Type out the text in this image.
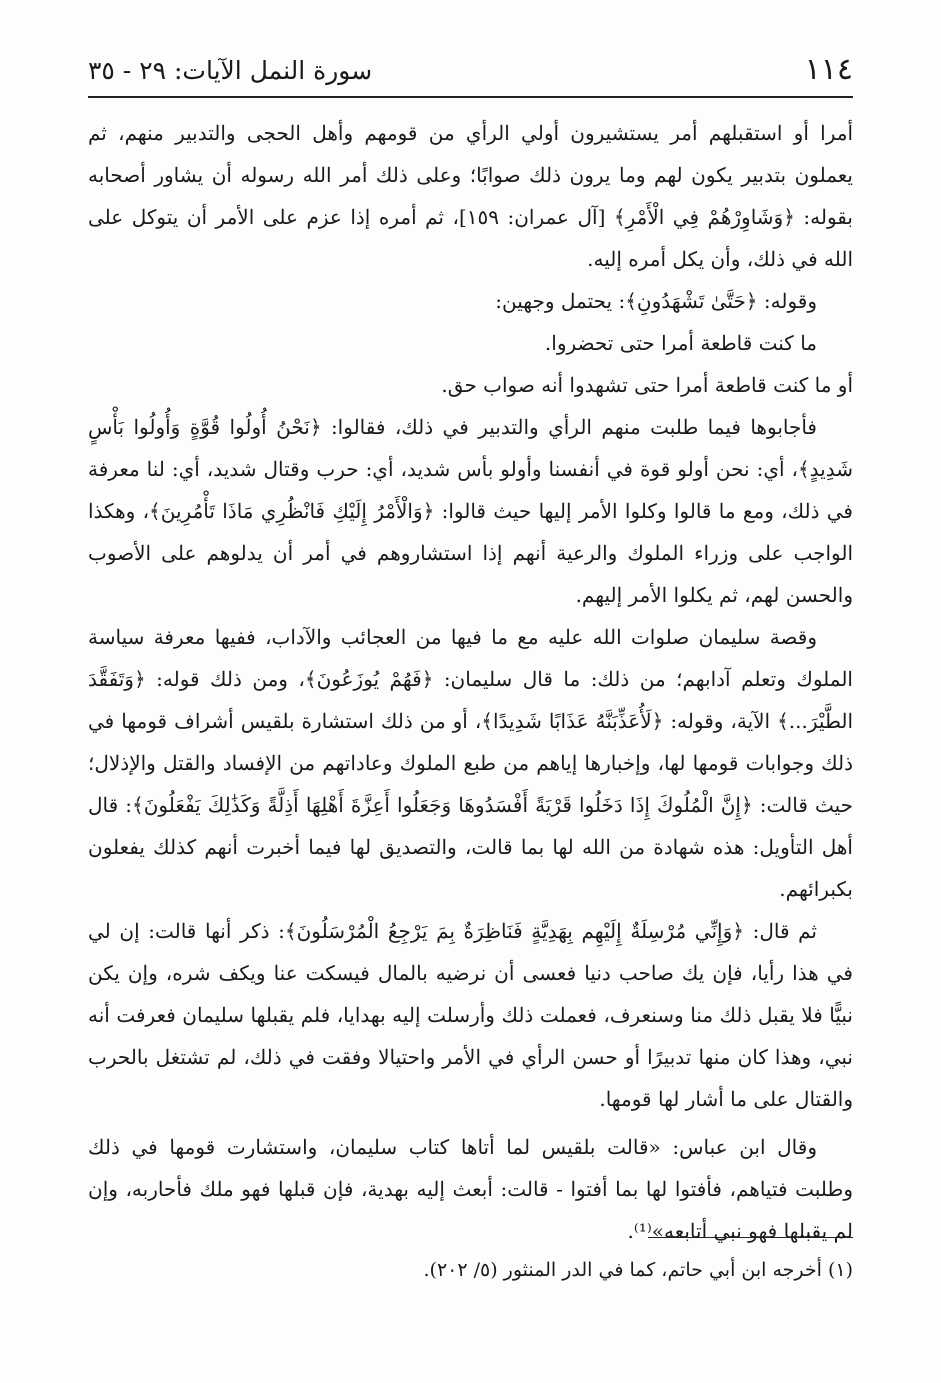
١١٤
سورة النمل الآيات: ٢٩ - ٣٥

أمرا أو استقبلهم أمر يستشيرون أولي الرأي من قومهم وأهل الحجى والتدبير منهم، ثم يعملون بتدبير يكون لهم وما يرون ذلك صوابًا؛ وعلى ذلك أمر الله رسوله أن يشاور أصحابه بقوله: ﴿وَشَاوِرْهُمْ فِي الْأَمْرِ﴾ [آل عمران: ١٥٩]، ثم أمره إذا عزم على الأمر أن يتوكل على الله في ذلك، وأن يكل أمره إليه.

وقوله: ﴿حَتَّىٰ تَشْهَدُونِ﴾: يحتمل وجهين:

ما كنت قاطعة أمرا حتى تحضروا.

أو ما كنت قاطعة أمرا حتى تشهدوا أنه صواب حق.

فأجابوها فيما طلبت منهم الرأي والتدبير في ذلك، فقالوا: ﴿نَحْنُ أُولُوا قُوَّةٍ وَأُولُوا بَأْسٍ شَدِيدٍ﴾، أي: نحن أولو قوة في أنفسنا وأولو بأس شديد، أي: حرب وقتال شديد، أي: لنا معرفة في ذلك، ومع ما قالوا وكلوا الأمر إليها حيث قالوا: ﴿وَالْأَمْرُ إِلَيْكِ فَانْظُرِي مَاذَا تَأْمُرِينَ﴾، وهكذا الواجب على وزراء الملوك والرعية أنهم إذا استشاروهم في أمر أن يدلوهم على الأصوب والحسن لهم، ثم يكلوا الأمر إليهم.

وقصة سليمان صلوات الله عليه مع ما فيها من العجائب والآداب، ففيها معرفة سياسة الملوك وتعلم آدابهم؛ من ذلك: ما قال سليمان: ﴿فَهُمْ يُوزَعُونَ﴾، ومن ذلك قوله: ﴿وَتَفَقَّدَ الطَّيْرَ...﴾ الآية، وقوله: ﴿لَأُعَذِّبَنَّهُ عَذَابًا شَدِيدًا﴾، أو من ذلك استشارة بلقيس أشراف قومها في ذلك وجوابات قومها لها، وإخبارها إياهم من طبع الملوك وعاداتهم من الإفساد والقتل والإذلال؛ حيث قالت: ﴿إِنَّ الْمُلُوكَ إِذَا دَخَلُوا قَرْيَةً أَفْسَدُوهَا وَجَعَلُوا أَعِزَّةَ أَهْلِهَا أَذِلَّةً وَكَذَٰلِكَ يَفْعَلُونَ﴾: قال أهل التأويل: هذه شهادة من الله لها بما قالت، والتصديق لها فيما أخبرت أنهم كذلك يفعلون بكبرائهم.

ثم قال: ﴿وَإِنِّي مُرْسِلَةٌ إِلَيْهِم بِهَدِيَّةٍ فَنَاظِرَةٌ بِمَ يَرْجِعُ الْمُرْسَلُونَ﴾: ذكر أنها قالت: إن لي في هذا رأيا، فإن يك صاحب دنيا فعسى أن نرضيه بالمال فيسكت عنا ويكف شره، وإن يكن نبيًّا فلا يقبل ذلك منا وسنعرف، فعملت ذلك وأرسلت إليه بهدايا، فلم يقبلها سليمان فعرفت أنه نبي، وهذا كان منها تدبيرًا أو حسن الرأي في الأمر واحتيالا وفقت في ذلك، لم تشتغل بالحرب والقتال على ما أشار لها قومها.

وقال ابن عباس: «قالت بلقيس لما أتاها كتاب سليمان، واستشارت قومها في ذلك وطلبت فتياهم، فأفتوا لها بما أفتوا - قالت: أبعث إليه بهدية، فإن قبلها فهو ملك فأحاربه، وإن لم يقبلها فهو نبي أتابعه»⁽¹⁾.

(١) أخرجه ابن أبي حاتم، كما في الدر المنثور (٥/ ٢٠٢).
